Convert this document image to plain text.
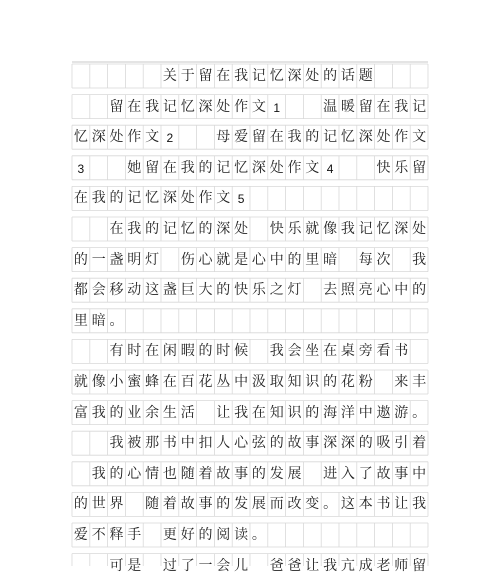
关 于 留 在 我 记 忆 深 处 的 话 题
留 在 我 记 忆 深 处 作 文 1	温 暖 留 在 我 记
忆 深 处 作 文 2	母 爱 留 在 我 的 记 忆 深 处 作 文
3	她 留 在 我 的 记 忆 深 处 作 文 4	快 乐 留
在 我 的 记 忆 深 处 作 文 5
在 我 的 记 忆 的 深 处 快 乐 就 像 我 记 忆 深 处
的 一 盏 明 灯 伤 心 就 是 心 中 的 里 暗 每 次 我
都 会 移 动 这 盏 巨 大 的 快 乐 之 灯 去 照 亮 心 中 的
里 暗 。
有 时 在 闲 暇 的 时 候 我 会 坐 在 桌 旁 看 书
就 像 小 蜜 蜂 在 百 花 丛 中 汲 取 知 识 的 花 粉 来 丰
富 我 的 业 余 生 活 让 我 在 知 识 的 海 洋 中 遨 游 。
我 被 那 书 中 扣 人 心 弦 的 故 事 深 深 的 吸 引 着
我 的 心 情 也 随 着 故 事 的 发 展 进 入 了 故 事 中
的 世 界 随 着 故 事 的 发 展 而 改 变 。 这 本 书 让 我
爱 不 释 手 更 好 的 阅 读 。
可 是 过 了 一 会 儿 爸 爸 让 我 亢 成 老 师 留
